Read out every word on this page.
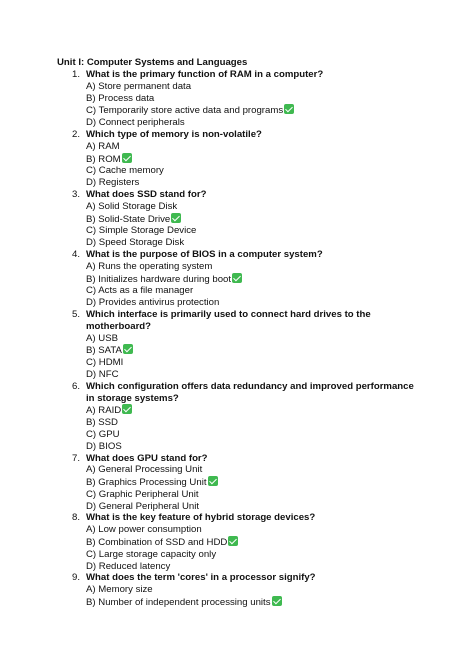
Unit I: Computer Systems and Languages
1. What is the primary function of RAM in a computer?
A) Store permanent data
B) Process data
C) Temporarily store active data and programs
D) Connect peripherals
2. Which type of memory is non-volatile?
A) RAM
B) ROM
C) Cache memory
D) Registers
3. What does SSD stand for?
A) Solid Storage Disk
B) Solid-State Drive
C) Simple Storage Device
D) Speed Storage Disk
4. What is the purpose of BIOS in a computer system?
A) Runs the operating system
B) Initializes hardware during boot
C) Acts as a file manager
D) Provides antivirus protection
5. Which interface is primarily used to connect hard drives to the motherboard?
A) USB
B) SATA
C) HDMI
D) NFC
6. Which configuration offers data redundancy and improved performance in storage systems?
A) RAID
B) SSD
C) GPU
D) BIOS
7. What does GPU stand for?
A) General Processing Unit
B) Graphics Processing Unit
C) Graphic Peripheral Unit
D) General Peripheral Unit
8. What is the key feature of hybrid storage devices?
A) Low power consumption
B) Combination of SSD and HDD
C) Large storage capacity only
D) Reduced latency
9. What does the term 'cores' in a processor signify?
A) Memory size
B) Number of independent processing units
